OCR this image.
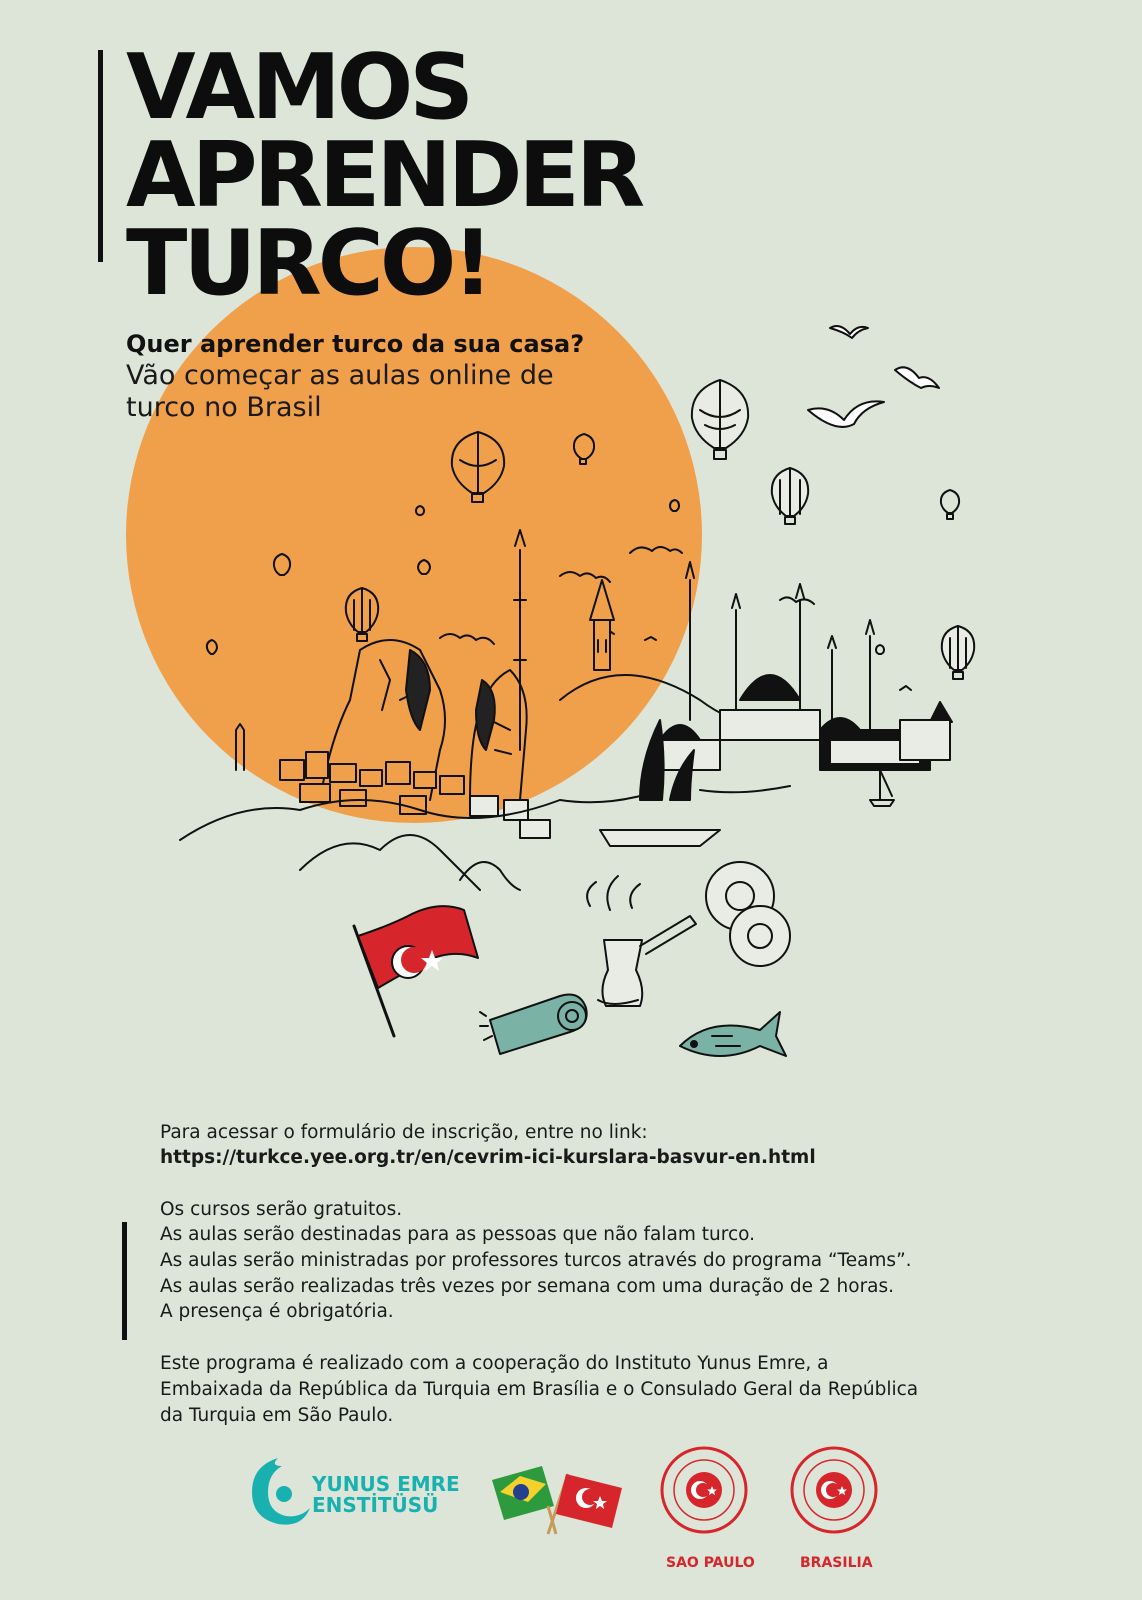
VAMOS
APRENDER
TURCO!
Quer aprender turco da sua casa?
Vão começar as aulas online de
turco no Brasil
Para acessar o formulário de inscrição, entre no link:
https://turkce.yee.org.tr/en/cevrim-ici-kurslara-basvur-en.html
Os cursos serão gratuitos.
As aulas serão destinadas para as pessoas que não falam turco.
As aulas serão ministradas por professores turcos através do programa “Teams”.
As aulas serão realizadas três vezes por semana com uma duração de 2 horas.
A presença é obrigatória.
Este programa é realizado com a cooperação do Instituto Yunus Emre, a
Embaixada da República da Turquia em Brasília e o Consulado Geral da República
da Turquia em São Paulo.
YUNUS EMRE
ENSTİTÜSÜ
SAO PAULO	BRASILIA
